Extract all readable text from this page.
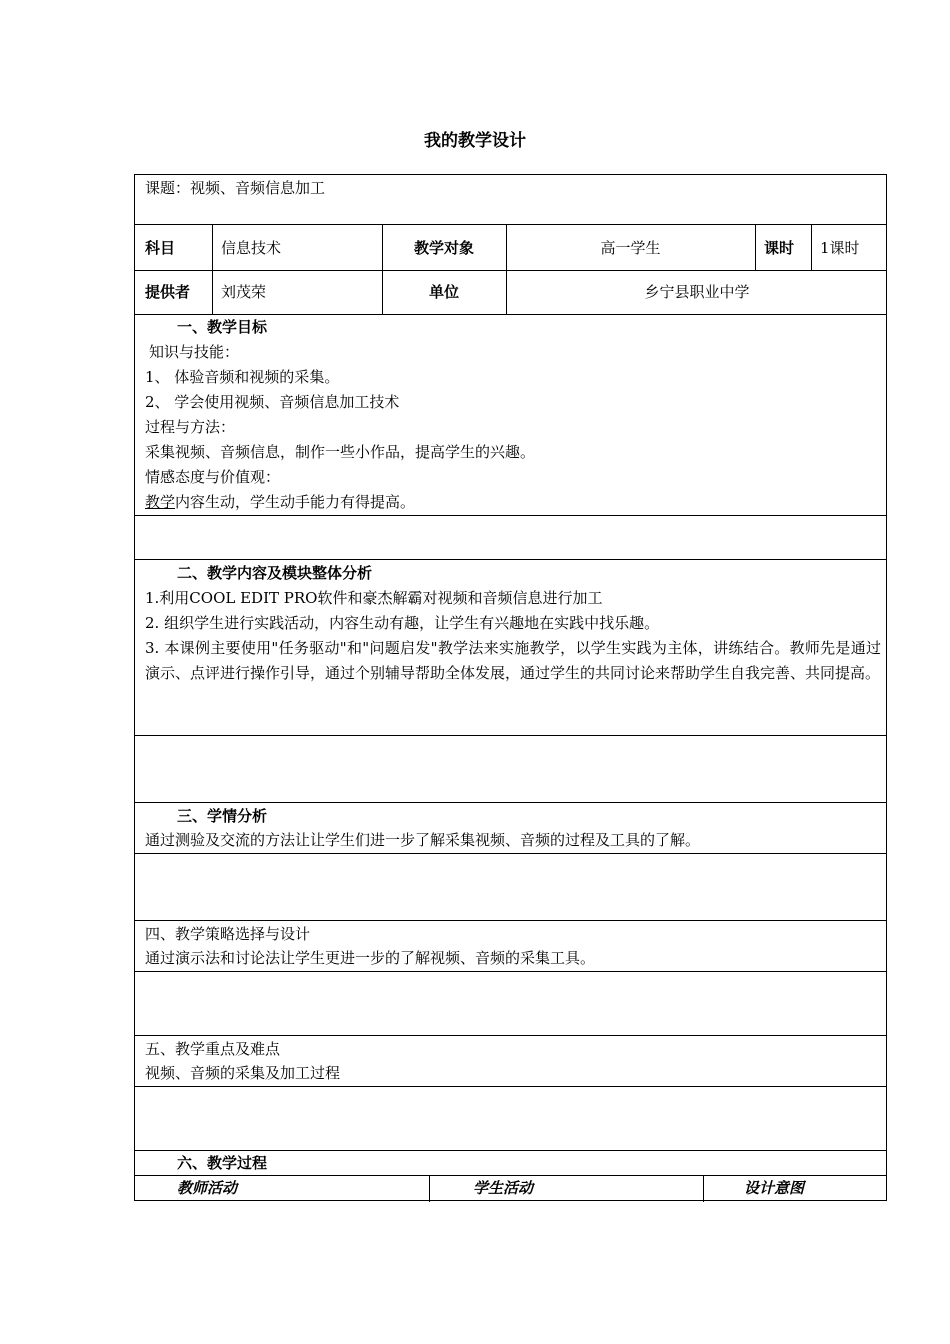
我的教学设计
课题：视频、音频信息加工
科目	信息技术	教学对象	高一学生	课时 1课时
提供者 刘茂荣	单位	乡宁县职业中学
一、教学目标
知识与技能：
1、 体验音频和视频的采集。
2、 学会使用视频、音频信息加工技术
过程与方法：
采集视频、音频信息，制作一些小作品，提高学生的兴趣。
情感态度与价值观：
教学内容生动，学生动手能力有得提高。
二、教学内容及模块整体分析
1.利用COOL EDIT PRO软件和豪杰解霸对视频和音频信息进行加工
2. 组织学生进行实践活动，内容生动有趣，让学生有兴趣地在实践中找乐趣。
3. 本课例主要使用"任务驱动"和"问题启发"教学法来实施教学，以学生实践为主体，讲练结合。教师先是通过演示、点评进行操作引导，通过个别辅导帮助全体发展，通过学生的共同讨论来帮助学生自我完善、共同提高。
三、学情分析
通过测验及交流的方法让让学生们进一步了解采集视频、音频的过程及工具的了解。
四、教学策略选择与设计
通过演示法和讨论法让学生更进一步的了解视频、音频的采集工具。
五、教学重点及难点
视频、音频的采集及加工过程
六、教学过程
教师活动	学生活动	设计意图
